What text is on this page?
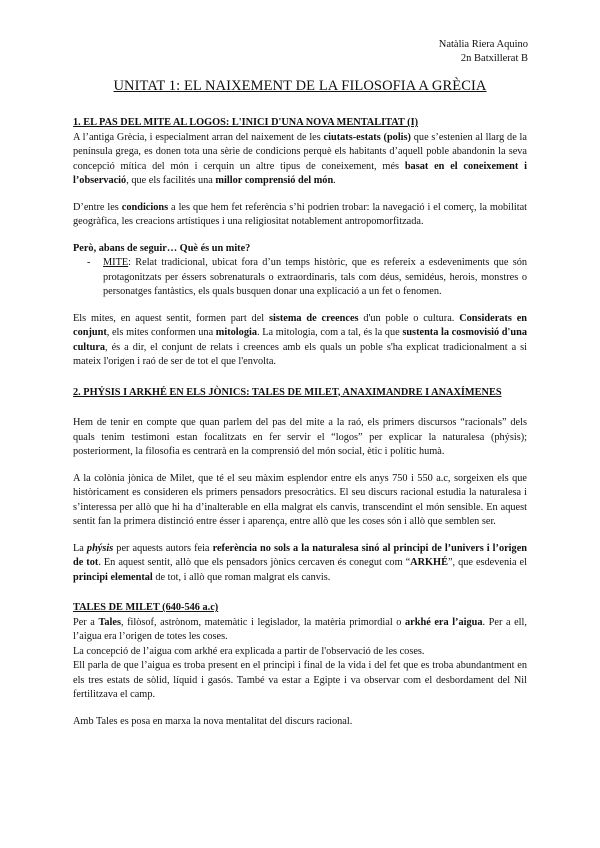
Natàlia Riera Aquino
2n Batxillerat B
UNITAT 1: EL NAIXEMENT DE LA FILOSOFIA A GRÈCIA

1. EL PAS DEL MITE AL LOGOS: L'INICI D'UNA NOVA MENTALITAT (I)

A l’antiga Grècia, i especialment arran del naixement de les ciutats-estats (polis) que s’estenien al llarg de la península grega, es donen tota una sèrie de condicions perquè els habitants d’aquell poble abandonin la seva concepció mítica del món i cerquin un altre tipus de coneixement, més basat en el coneixement i l’observació, que els facilités una millor comprensió del món.

D’entre les condicions a les que hem fet referència s’hi podrien trobar: la navegació i el comerç, la mobilitat geogràfica, les creacions artístiques i una religiositat notablement antropomorfitzada.

Però, abans de seguir… Què és un mite?

-	MITE: Relat tradicional, ubicat fora d’un temps històric, que es refereix a esdeveniments que són protagonitzats per éssers sobrenaturals o extraordinaris, tals com déus, semidéus, herois, monstres o personatges fantàstics, els quals busquen donar una explicació a un fet o fenomen.

Els mites, en aquest sentit, formen part del sistema de creences d'un poble o cultura. Considerats en conjunt, els mites conformen una mitologia. La mitologia, com a tal, és la que sustenta la cosmovisió d'una cultura, és a dir, el conjunt de relats i creences amb els quals un poble s'ha explicat tradicionalment a si mateix l'origen i raó de ser de tot el que l'envolta.

2. PHÝSIS I ARKHÉ EN ELS JÒNICS: TALES DE MILET, ANAXIMANDRE I ANAXÍMENES

Hem de tenir en compte que quan parlem del pas del mite a la raó, els primers discursos “racionals” dels quals tenim testimoni estan focalitzats en fer servir el “logos” per explicar la naturalesa (phýsis); posteriorment, la filosofia es centrarà en la comprensió del món social, ètic i polític humà.

A la colònia jònica de Milet, que té el seu màxim esplendor entre els anys 750 i 550 a.c, sorgeixen els que històricament es consideren els primers pensadors presocràtics. El seu discurs racional estudia la naturalesa i s’interessa per allò que hi ha d’inalterable en ella malgrat els canvis, transcendint el món sensible. En aquest sentit fan la primera distinció entre ésser i aparença, entre allò que les coses són i allò que semblen ser.

La phýsis per aquests autors feia referència no sols a la naturalesa sinó al principi de l’univers i l’origen de tot. En aquest sentit, allò que els pensadors jònics cercaven és conegut com “ARKHÉ”, que esdevenia el principi elemental de tot, i allò que roman malgrat els canvis.

TALES DE MILET (640-546 a.c)

Per a Tales, filòsof, astrònom, matemàtic i legislador, la matèria primordial o arkhé era l’aigua. Per a ell, l’aigua era l’origen de totes les coses.

La concepció de l’aigua com arkhé era explicada a partir de l'observació de les coses.

Ell parla de que l’aigua es troba present en el principi i final de la vida i del fet que es troba abundantment en els tres estats de sòlid, líquid i gasós. També va estar a Egipte i va observar com el desbordament del Nil fertilitzava el camp.

Amb Tales es posa en marxa la nova mentalitat del discurs racional.
